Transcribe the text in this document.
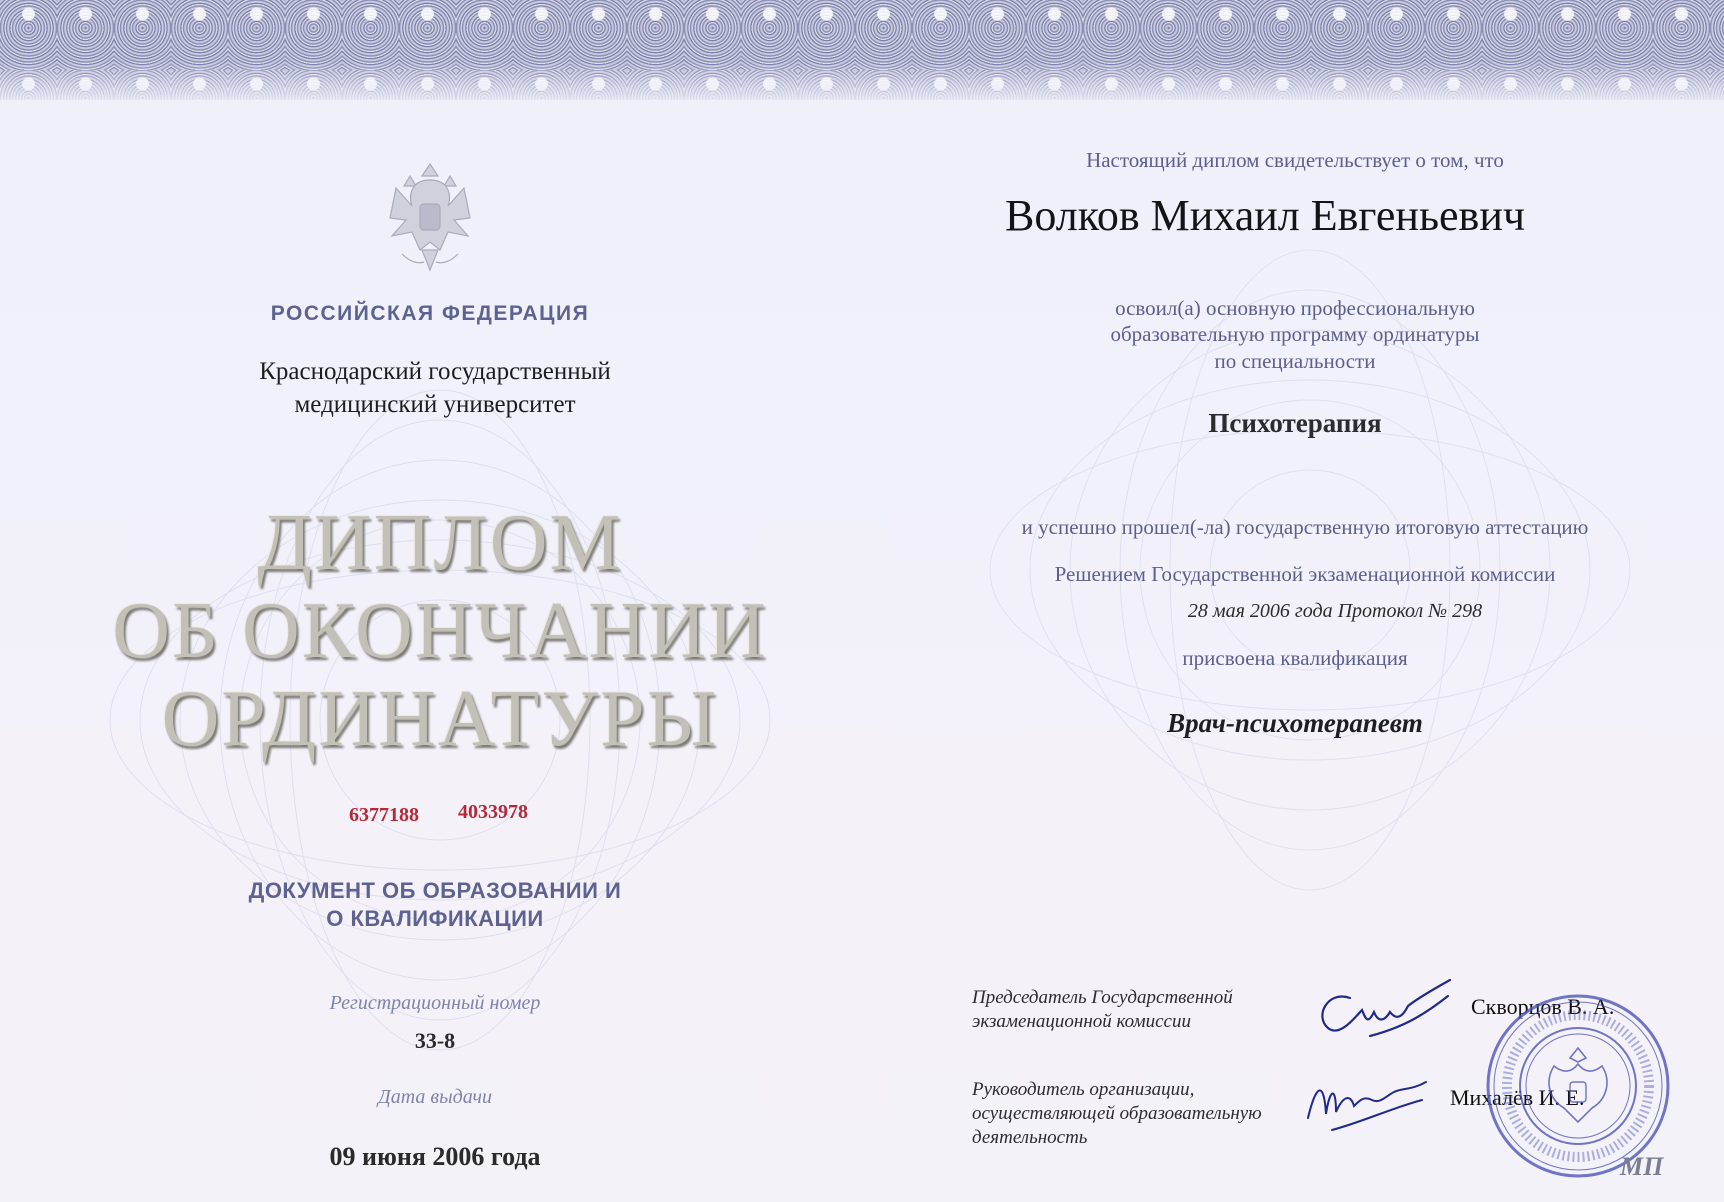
РОССИЙСКАЯ ФЕДЕРАЦИЯ
Краснодарский государственный
медицинский университет
ДИПЛОМ
ОБ ОКОНЧАНИИ
ОРДИНАТУРЫ
6377188 4033978
ДОКУМЕНТ ОБ ОБРАЗОВАНИИ И
О КВАЛИФИКАЦИИ
Регистрационный номер
33-8
Дата выдачи
09 июня 2006 года
Настоящий диплом свидетельствует о том, что
Волков Михаил Евгеньевич
освоил(а) основную профессиональную
образовательную программу ординатуры
по специальности
Психотерапия
и успешно прошел(-ла) государственную итоговую аттестацию
Решением Государственной экзаменационной комиссии
28 мая 2006 года Протокол № 298
присвоена квалификация
Врач-психотерапевт
Председатель Государственной экзаменационной комиссии
Скворцов В. А.
Руководитель организации, осуществляющей образовательную деятельность
Михалёв И. Е.
МП
